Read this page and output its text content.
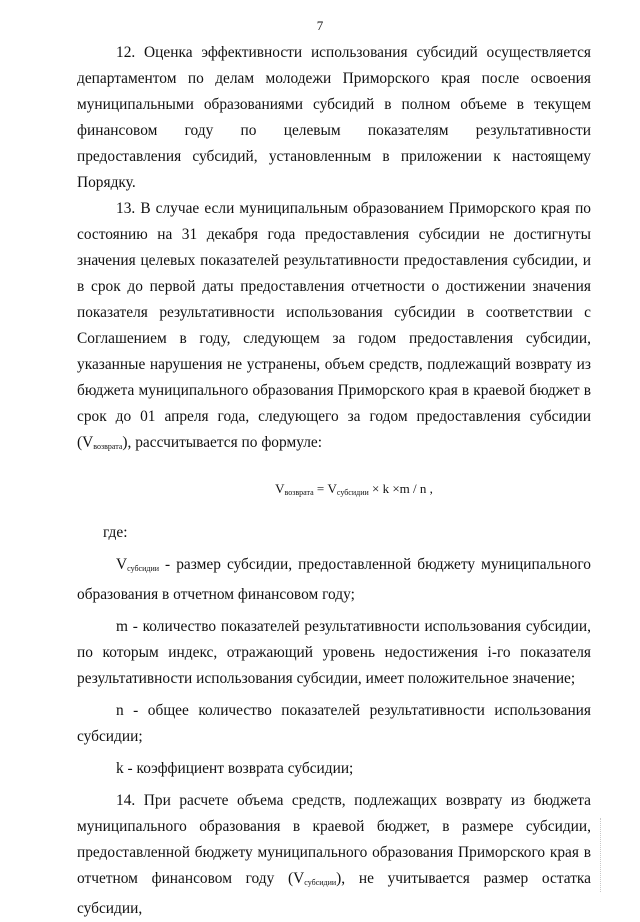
7

12. Оценка эффективности использования субсидий осуществляется департаментом по делам молодежи Приморского края после освоения муниципальными образованиями субсидий в полном объеме в текущем финансовом году по целевым показателям результативности предоставления субсидий, установленным в приложении к настоящему Порядку.

13. В случае если муниципальным образованием Приморского края по состоянию на 31 декабря года предоставления субсидии не достигнуты значения целевых показателей результативности предоставления субсидии, и в срок до первой даты предоставления отчетности о достижении значения показателя результативности использования субсидии в соответствии с Соглашением в году, следующем за годом предоставления субсидии, указанные нарушения не устранены, объем средств, подлежащий возврату из бюджета муниципального образования Приморского края в краевой бюджет в срок до 01 апреля года, следующего за годом предоставления субсидии $(V_{возврата})$, рассчитывается по формуле:

$V_{возврата} = V_{субсидии} \times k \times m / n$ ,

где:

$V_{субсидии}$ - размер субсидии, предоставленной бюджету муниципального образования в отчетном финансовом году;

m - количество показателей результативности использования субсидии, по которым индекс, отражающий уровень недостижения i-го показателя результативности использования субсидии, имеет положительное значение;

n - общее количество показателей результативности использования субсидии;

k - коэффициент возврата субсидии;

14. При расчете объема средств, подлежащих возврату из бюджета муниципального образования в краевой бюджет, в размере субсидии, предоставленной бюджету муниципального образования Приморского края в отчетном финансовом году $(V_{субсидии})$, не учитывается размер остатка субсидии,
